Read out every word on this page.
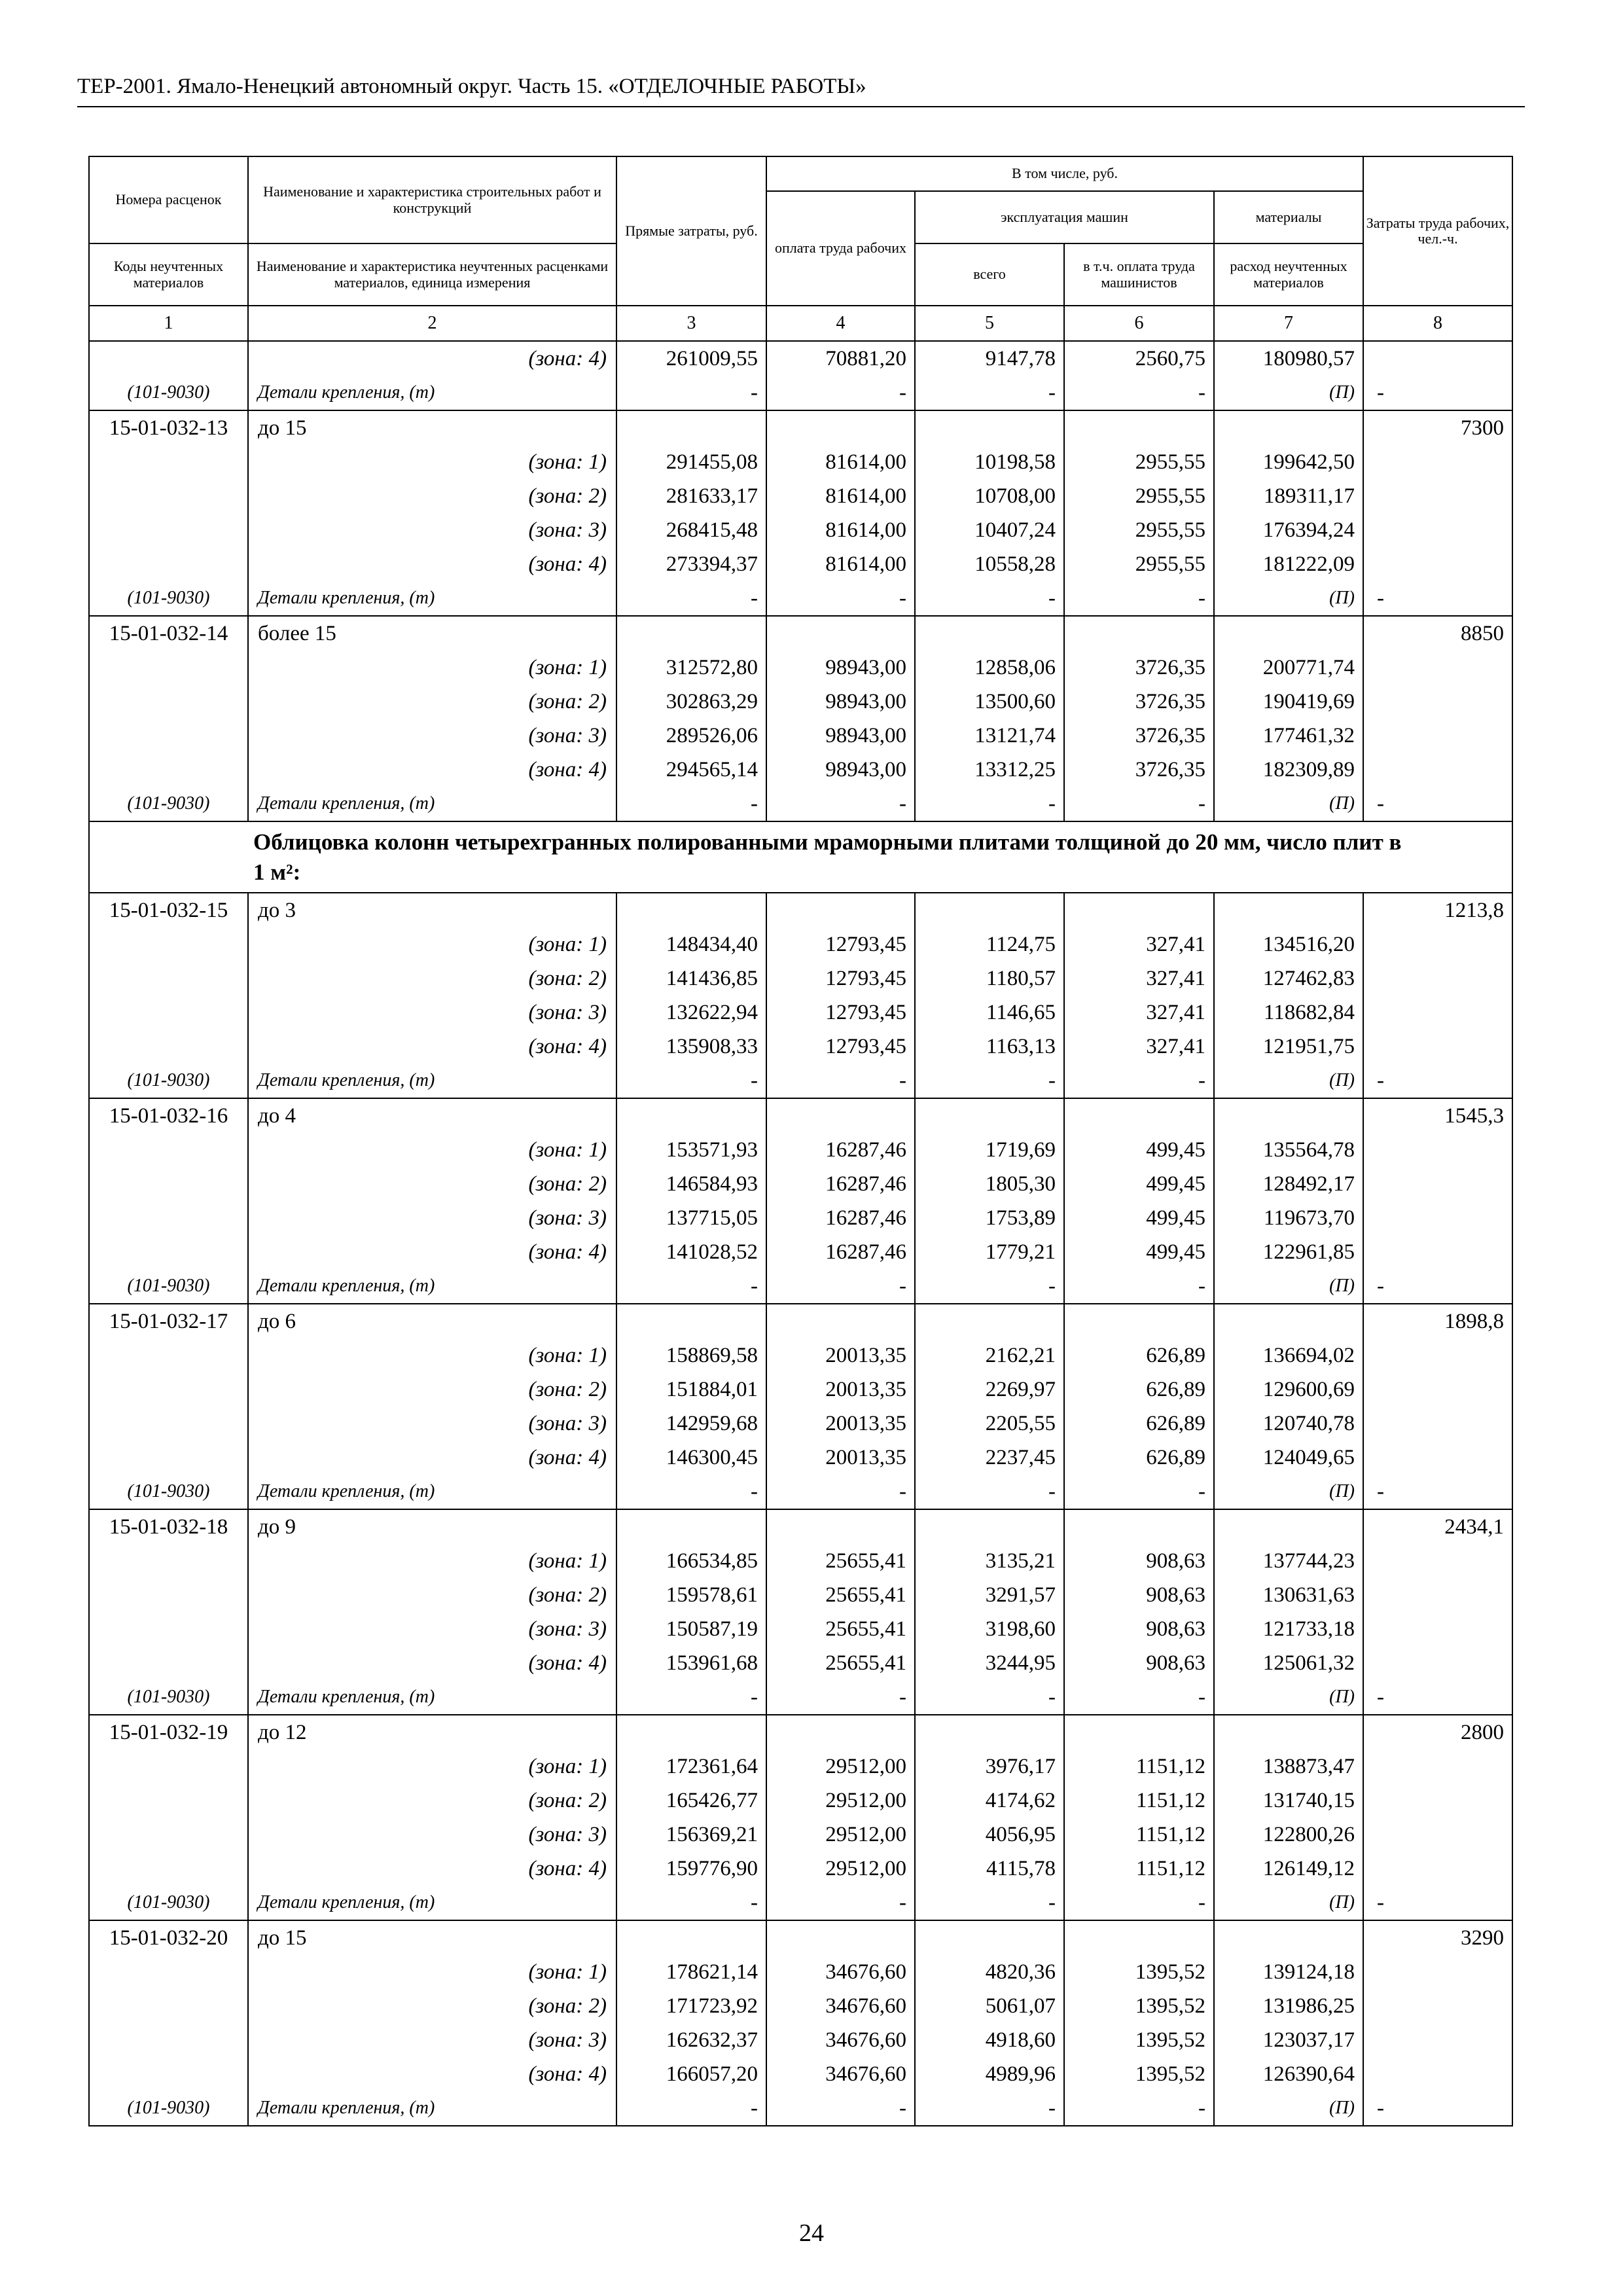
ТЕР-2001. Ямало-Ненецкий автономный округ. Часть 15. «ОТДЕЛОЧНЫЕ РАБОТЫ»
Номера расценок	Наименование и характеристика строительных работ и конструкций	Прямые затраты, руб.	В том числе, руб.				Затраты труда рабочих, чел.-ч.
			оплата труда рабочих	эксплуатация машин		материалы	
Коды неучтенных материалов	Наименование и характеристика неучтенных расценками материалов, единица измерения			всего	в т.ч. оплата труда машинистов	расход неучтенных материалов	
1	2	3	4	5	6	7	8
	(зона: 4)	261009,55	70881,20	9147,78	2560,75	180980,57	
(101-9030)	Детали крепления, (т)	-	-	-	-	(П)	-
15-01-032-13	до 15						7300
	(зона: 1)	291455,08	81614,00	10198,58	2955,55	199642,50	
	(зона: 2)	281633,17	81614,00	10708,00	2955,55	189311,17	
	(зона: 3)	268415,48	81614,00	10407,24	2955,55	176394,24	
	(зона: 4)	273394,37	81614,00	10558,28	2955,55	181222,09	
(101-9030)	Детали крепления, (т)	-	-	-	-	(П)	-
15-01-032-14	более 15						8850
	(зона: 1)	312572,80	98943,00	12858,06	3726,35	200771,74	
	(зона: 2)	302863,29	98943,00	13500,60	3726,35	190419,69	
	(зона: 3)	289526,06	98943,00	13121,74	3726,35	177461,32	
	(зона: 4)	294565,14	98943,00	13312,25	3726,35	182309,89	
(101-9030)	Детали крепления, (т)	-	-	-	-	(П)	-
Облицовка колонн четырехгранных полированными мраморными плитами толщиной до 20 мм, число плит в 1 м²:							
15-01-032-15	до 3						1213,8
	(зона: 1)	148434,40	12793,45	1124,75	327,41	134516,20	
	(зона: 2)	141436,85	12793,45	1180,57	327,41	127462,83	
	(зона: 3)	132622,94	12793,45	1146,65	327,41	118682,84	
	(зона: 4)	135908,33	12793,45	1163,13	327,41	121951,75	
(101-9030)	Детали крепления, (т)	-	-	-	-	(П)	-
15-01-032-16	до 4						1545,3
	(зона: 1)	153571,93	16287,46	1719,69	499,45	135564,78	
	(зона: 2)	146584,93	16287,46	1805,30	499,45	128492,17	
	(зона: 3)	137715,05	16287,46	1753,89	499,45	119673,70	
	(зона: 4)	141028,52	16287,46	1779,21	499,45	122961,85	
(101-9030)	Детали крепления, (т)	-	-	-	-	(П)	-
15-01-032-17	до 6						1898,8
	(зона: 1)	158869,58	20013,35	2162,21	626,89	136694,02	
	(зона: 2)	151884,01	20013,35	2269,97	626,89	129600,69	
	(зона: 3)	142959,68	20013,35	2205,55	626,89	120740,78	
	(зона: 4)	146300,45	20013,35	2237,45	626,89	124049,65	
(101-9030)	Детали крепления, (т)	-	-	-	-	(П)	-
15-01-032-18	до 9						2434,1
	(зона: 1)	166534,85	25655,41	3135,21	908,63	137744,23	
	(зона: 2)	159578,61	25655,41	3291,57	908,63	130631,63	
	(зона: 3)	150587,19	25655,41	3198,60	908,63	121733,18	
	(зона: 4)	153961,68	25655,41	3244,95	908,63	125061,32	
(101-9030)	Детали крепления, (т)	-	-	-	-	(П)	-
15-01-032-19	до 12						2800
	(зона: 1)	172361,64	29512,00	3976,17	1151,12	138873,47	
	(зона: 2)	165426,77	29512,00	4174,62	1151,12	131740,15	
	(зона: 3)	156369,21	29512,00	4056,95	1151,12	122800,26	
	(зона: 4)	159776,90	29512,00	4115,78	1151,12	126149,12	
(101-9030)	Детали крепления, (т)	-	-	-	-	(П)	-
15-01-032-20	до 15						3290
	(зона: 1)	178621,14	34676,60	4820,36	1395,52	139124,18	
	(зона: 2)	171723,92	34676,60	5061,07	1395,52	131986,25	
	(зона: 3)	162632,37	34676,60	4918,60	1395,52	123037,17	
	(зона: 4)	166057,20	34676,60	4989,96	1395,52	126390,64	
(101-9030)	Детали крепления, (т)	-	-	-	-	(П)	-
24
